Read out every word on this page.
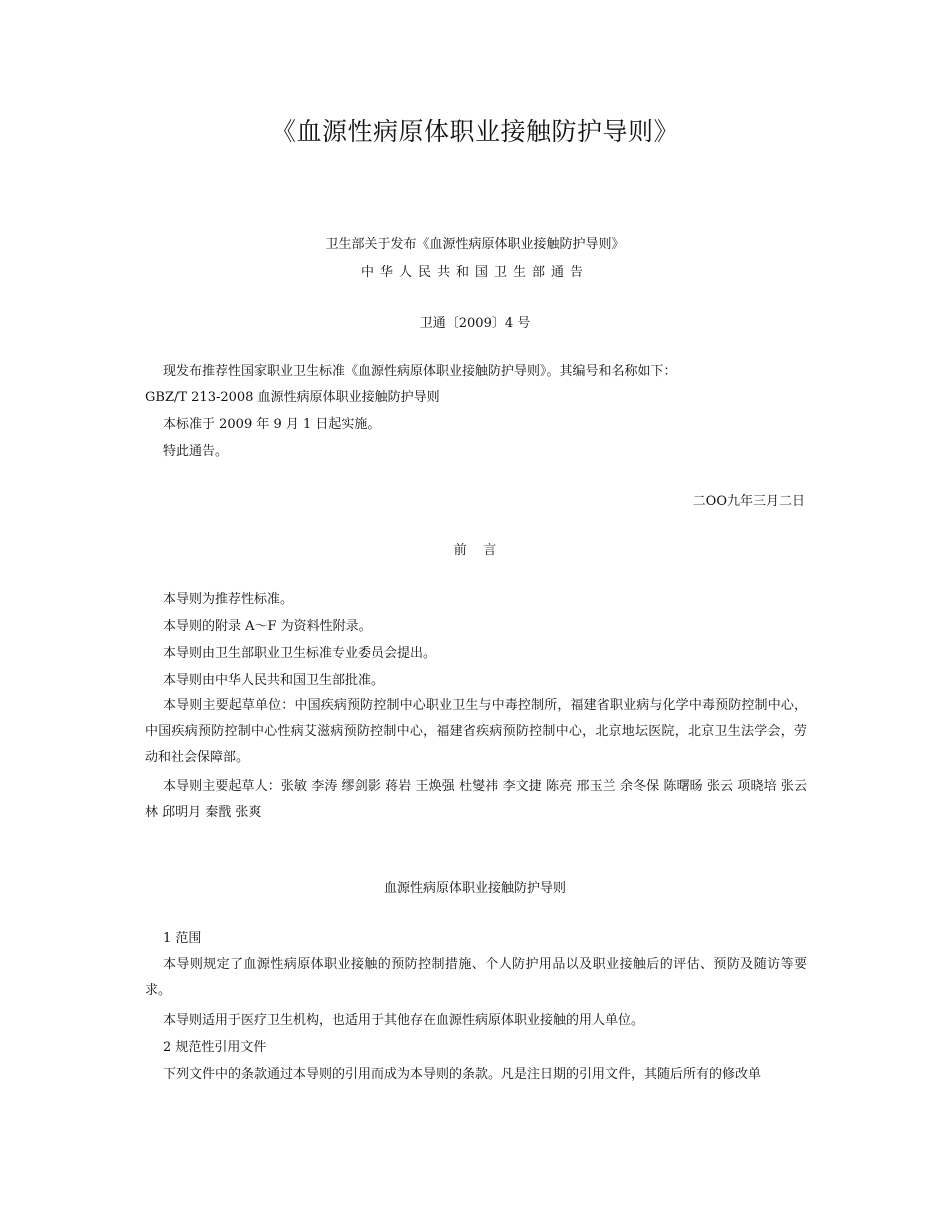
《血源性病原体职业接触防护导则》
卫生部关于发布《血源性病原体职业接触防护导则》
中华人民共和国卫生部通告
卫通〔2009〕4 号
现发布推荐性国家职业卫生标准《血源性病原体职业接触防护导则》。其编号和名称如下：
GBZ/T 213-2008 血源性病原体职业接触防护导则
本标准于 2009 年 9 月 1 日起实施。
特此通告。
二OO九年三月二日
前    言
本导则为推荐性标准。
本导则的附录 A～F 为资料性附录。
本导则由卫生部职业卫生标准专业委员会提出。
本导则由中华人民共和国卫生部批准。
本导则主要起草单位：中国疾病预防控制中心职业卫生与中毒控制所，福建省职业病与化学中毒预防控制中心，中国疾病预防控制中心性病艾滋病预防控制中心，福建省疾病预防控制中心，北京地坛医院，北京卫生法学会，劳动和社会保障部。
本导则主要起草人：张敏 李涛 缪剑影 蒋岩 王焕强 杜燮祎 李文捷 陈亮 邢玉兰 余冬保 陈曙旸 张云 项晓培 张云林 邱明月 秦戬 张爽
血源性病原体职业接触防护导则
1 范围
本导则规定了血源性病原体职业接触的预防控制措施、个人防护用品以及职业接触后的评估、预防及随访等要求。
本导则适用于医疗卫生机构，也适用于其他存在血源性病原体职业接触的用人单位。
2 规范性引用文件
下列文件中的条款通过本导则的引用而成为本导则的条款。凡是注日期的引用文件，其随后所有的修改单
